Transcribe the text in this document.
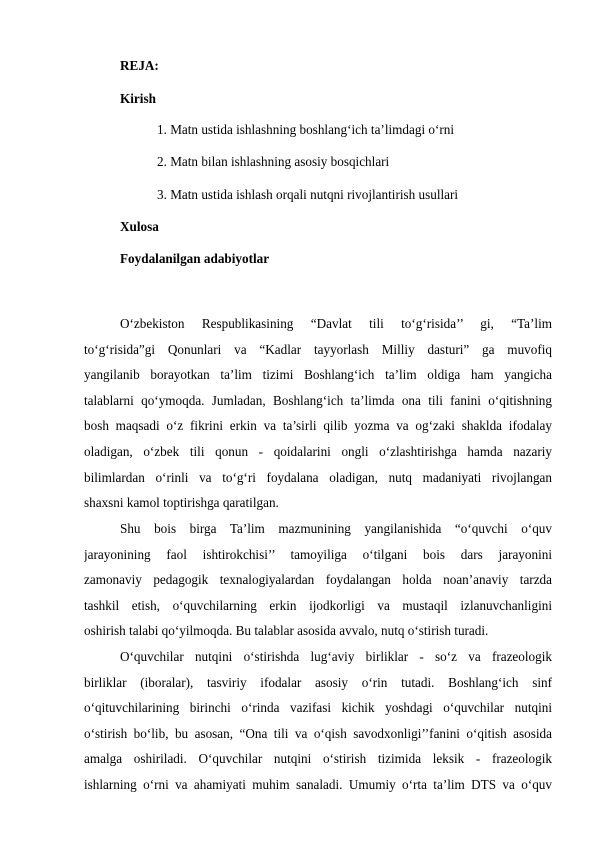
REJA:
Kirish
1. Matn ustida ishlashning boshlang‘ich ta’limdagi o‘rni
2. Matn bilan ishlashning asosiy bosqichlari
3. Matn ustida ishlash orqali nutqni rivojlantirish usullari
Xulosa
Foydalanilgan adabiyotlar
O‘zbekiston Respublikasining “Davlat tili to‘g‘risida’’ gi, “Ta’lim
to‘g‘risida”gi Qonunlari va “Kadlar tayyorlash Milliy dasturi” ga muvofiq
yangilanib borayotkan ta’lim tizimi Boshlang‘ich ta’lim oldiga ham yangicha
talablarni qo‘ymoqda. Jumladan, Boshlang‘ich ta’limda ona tili fanini o‘qitishning
bosh maqsadi o‘z fikrini erkin va ta’sirli qilib yozma va og‘zaki shaklda ifodalay
oladigan, o‘zbek tili qonun - qoidalarini ongli o‘zlashtirishga hamda nazariy
bilimlardan o‘rinli va to‘g‘ri foydalana oladigan, nutq madaniyati rivojlangan
shaxsni kamol toptirishga qaratilgan.
Shu bois birga Ta’lim mazmunining yangilanishida “o‘quvchi o‘quv
jarayonining faol ishtirokchisi’’ tamoyiliga o‘tilgani bois dars jarayonini
zamonaviy pedagogik texnalogiyalardan foydalangan holda noan’anaviy tarzda
tashkil etish, o‘quvchilarning erkin ijodkorligi va mustaqil izlanuvchanligini
oshirish talabi qo‘yilmoqda. Bu talablar asosida avvalo, nutq o‘stirish turadi.
O‘quvchilar nutqini o‘stirishda lug‘aviy birliklar - so‘z va frazeologik
birliklar (iboralar), tasviriy ifodalar asosiy o‘rin tutadi. Boshlang‘ich sinf
o‘qituvchilarining birinchi o‘rinda vazifasi kichik yoshdagi o‘quvchilar nutqini
o‘stirish bo‘lib, bu asosan, “Ona tili va o‘qish savodxonligi’’fanini o‘qitish asosida
amalga oshiriladi. O‘quvchilar nutqini o‘stirish tizimida leksik - frazeologik
ishlarning o‘rni va ahamiyati muhim sanaladi. Umumiy o‘rta ta’lim DTS va o‘quv
